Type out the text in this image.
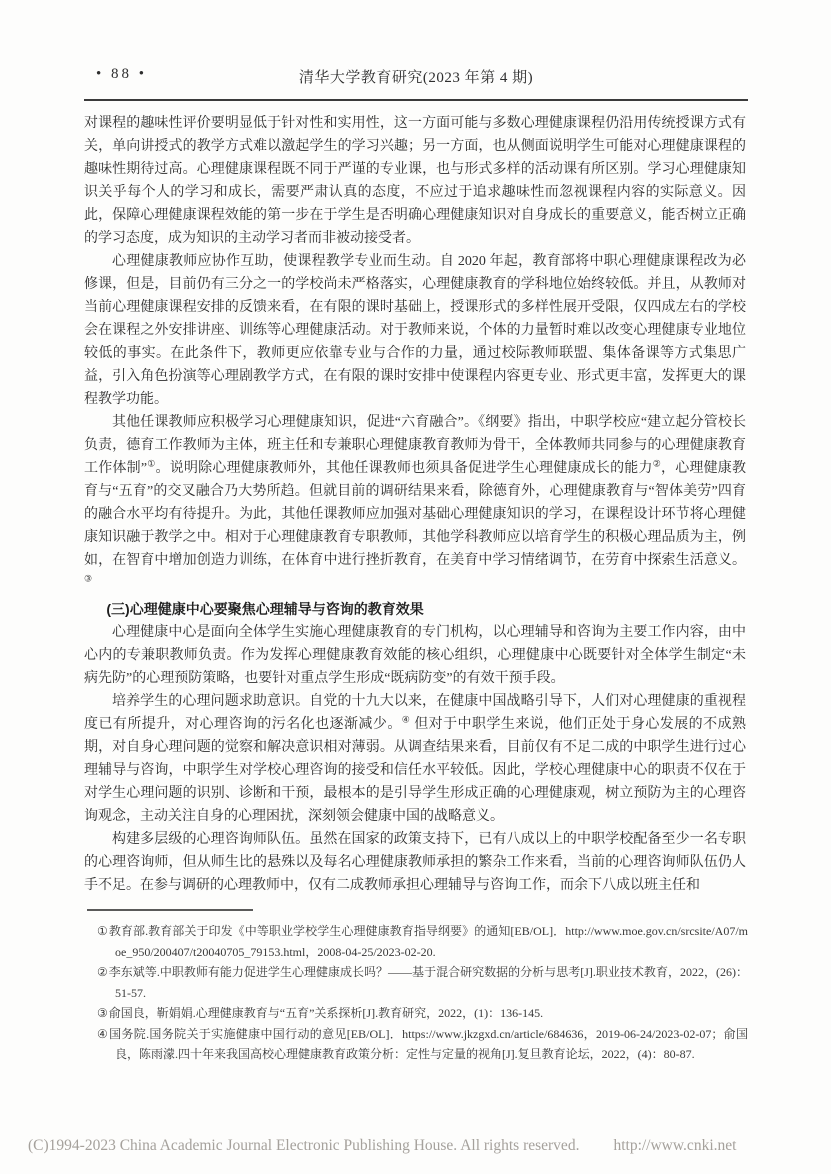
• 88 •	清华大学教育研究(2023 年第 4 期)

对课程的趣味性评价要明显低于针对性和实用性，这一方面可能与多数心理健康课程仍沿用传统授课方式有关，单向讲授式的教学方式难以激起学生的学习兴趣；另一方面，也从侧面说明学生可能对心理健康课程的趣味性期待过高。心理健康课程既不同于严谨的专业课，也与形式多样的活动课有所区别。学习心理健康知识关乎每个人的学习和成长，需要严肃认真的态度，不应过于追求趣味性而忽视课程内容的实际意义。因此，保障心理健康课程效能的第一步在于学生是否明确心理健康知识对自身成长的重要意义，能否树立正确的学习态度，成为知识的主动学习者而非被动接受者。

心理健康教师应协作互助，使课程教学专业而生动。自 2020 年起，教育部将中职心理健康课程改为必修课，但是，目前仍有三分之一的学校尚未严格落实，心理健康教育的学科地位始终较低。并且，从教师对当前心理健康课程安排的反馈来看，在有限的课时基础上，授课形式的多样性展开受限，仅四成左右的学校会在课程之外安排讲座、训练等心理健康活动。对于教师来说，个体的力量暂时难以改变心理健康专业地位较低的事实。在此条件下，教师更应依靠专业与合作的力量，通过校际教师联盟、集体备课等方式集思广益，引入角色扮演等心理剧教学方式，在有限的课时安排中使课程内容更专业、形式更丰富，发挥更大的课程教学功能。

其他任课教师应积极学习心理健康知识，促进“六育融合”。《纲要》指出，中职学校应“建立起分管校长负责，德育工作教师为主体，班主任和专兼职心理健康教育教师为骨干，全体教师共同参与的心理健康教育工作体制”①。说明除心理健康教师外，其他任课教师也须具备促进学生心理健康成长的能力②，心理健康教育与“五育”的交叉融合乃大势所趋。但就目前的调研结果来看，除德育外，心理健康教育与“智体美劳”四育的融合水平均有待提升。为此，其他任课教师应加强对基础心理健康知识的学习，在课程设计环节将心理健康知识融于教学之中。相对于心理健康教育专职教师，其他学科教师应以培育学生的积极心理品质为主，例如，在智育中增加创造力训练，在体育中进行挫折教育，在美育中学习情绪调节，在劳育中探索生活意义。③

(三)心理健康中心要聚焦心理辅导与咨询的教育效果

心理健康中心是面向全体学生实施心理健康教育的专门机构，以心理辅导和咨询为主要工作内容，由中心内的专兼职教师负责。作为发挥心理健康教育效能的核心组织，心理健康中心既要针对全体学生制定“未病先防”的心理预防策略，也要针对重点学生形成“既病防变”的有效干预手段。

培养学生的心理问题求助意识。自党的十九大以来，在健康中国战略引导下，人们对心理健康的重视程度已有所提升，对心理咨询的污名化也逐渐减少。④ 但对于中职学生来说，他们正处于身心发展的不成熟期，对自身心理问题的觉察和解决意识相对薄弱。从调查结果来看，目前仅有不足二成的中职学生进行过心理辅导与咨询，中职学生对学校心理咨询的接受和信任水平较低。因此，学校心理健康中心的职责不仅在于对学生心理问题的识别、诊断和干预，最根本的是引导学生形成正确的心理健康观，树立预防为主的心理咨询观念，主动关注自身的心理困扰，深刻领会健康中国的战略意义。

构建多层级的心理咨询师队伍。虽然在国家的政策支持下，已有八成以上的中职学校配备至少一名专职的心理咨询师，但从师生比的悬殊以及每名心理健康教师承担的繁杂工作来看，当前的心理咨询师队伍仍人手不足。在参与调研的心理教师中，仅有二成教师承担心理辅导与咨询工作，而余下八成以班主任和

①教育部.教育部关于印发《中等职业学校学生心理健康教育指导纲要》的通知[EB/OL]．http://www.moe.gov.cn/srcsite/A07/moe_950/200407/t20040705_79153.html，2008-04-25/2023-02-20.
②李东斌等.中职教师有能力促进学生心理健康成长吗？——基于混合研究数据的分析与思考[J].职业技术教育，2022，(26)：51-57.
③俞国良，靳娟娟.心理健康教育与“五育”关系探析[J].教育研究，2022，(1)：136-145.
④国务院.国务院关于实施健康中国行动的意见[EB/OL]．https://www.jkzgxd.cn/article/684636，2019-06-24/2023-02-07；俞国良，陈雨濛.四十年来我国高校心理健康教育政策分析：定性与定量的视角[J].复旦教育论坛，2022，(4)：80-87.
(C)1994-2023 China Academic Journal Electronic Publishing House. All rights reserved. http://www.cnki.net
